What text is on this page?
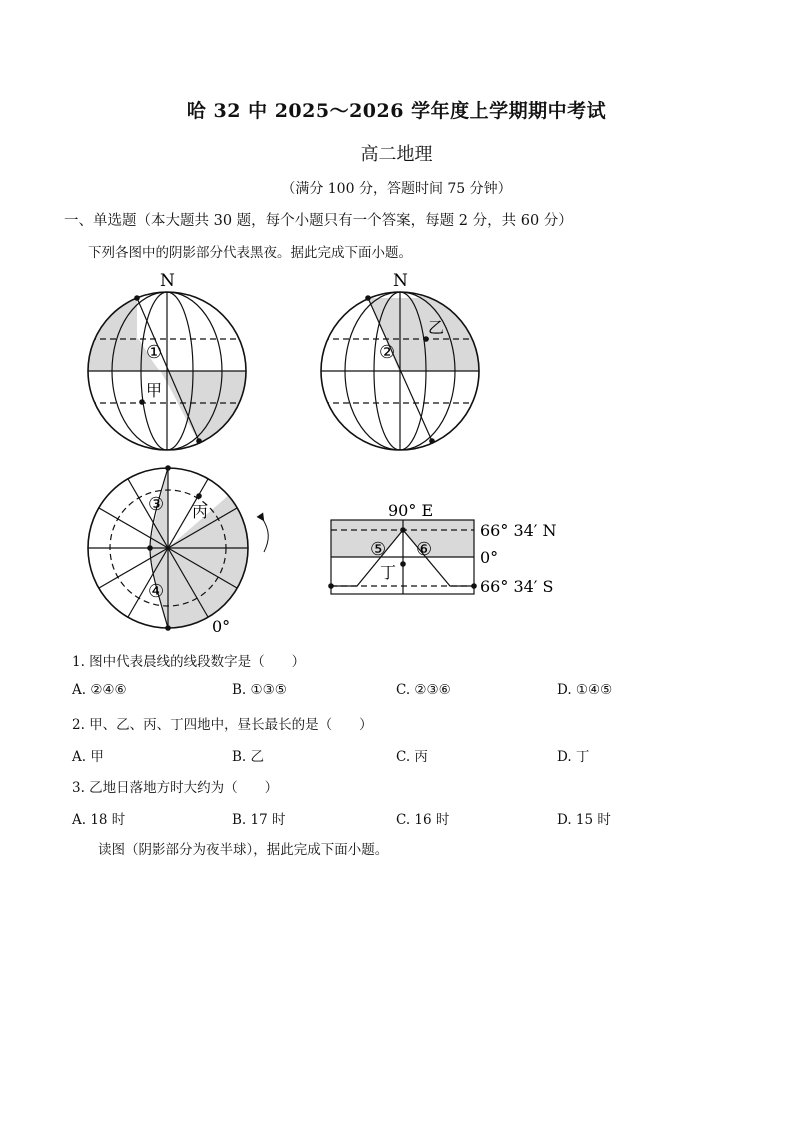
哈 32 中 2025～2026 学年度上学期期中考试
高二地理
（满分 100 分，答题时间 75 分钟）
一、单选题（本大题共 30 题，每个小题只有一个答案，每题 2 分，共 60 分）
下列各图中的阴影部分代表黑夜。据此完成下面小题。
N
①
甲
N
②
乙
③
④
丙
0°
90° E
66° 34′ N
0°
66° 34′ S
⑤ ⑥
丁
1. 图中代表晨线的线段数字是（　　）
A. ②④⑥	B. ①③⑤	C. ②③⑥	D. ①④⑤
2. 甲、乙、丙、丁四地中，昼长最长的是（　　）
A. 甲	B. 乙	C. 丙	D. 丁
3. 乙地日落地方时大约为（　　）
A. 18 时	B. 17 时	C. 16 时	D. 15 时
读图（阴影部分为夜半球），据此完成下面小题。
